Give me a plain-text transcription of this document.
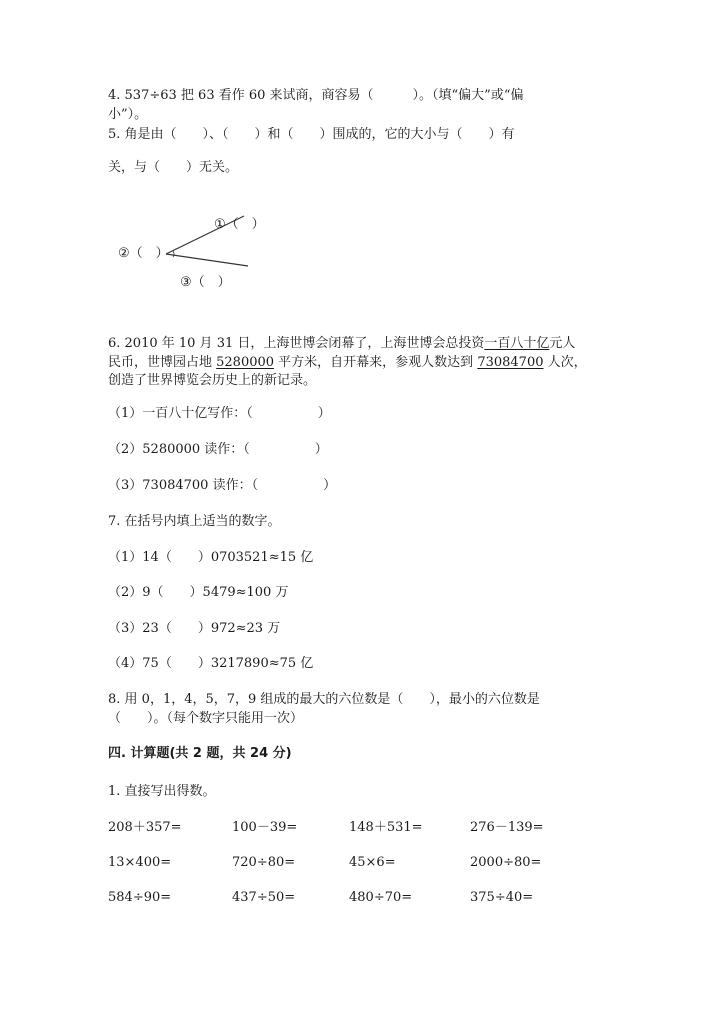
4. 537÷63 把 63 看作 60 来试商，商容易（　　　）。（填“偏大”或“偏
小”）。
5. 角是由（　　）、（　　）和（　　）围成的，它的大小与（　　）有
关，与（　　）无关。
①（　）
②（　）
③（　）
6. 2010 年 10 月 31 日，上海世博会闭幕了，上海世博会总投资一百八十亿元人
民币，世博园占地 5280000 平方米，自开幕来，参观人数达到 73084700 人次，
创造了世界博览会历史上的新记录。
（1）一百八十亿写作：（　　　　　）
（2）5280000 读作：（　　　　　）
（3）73084700 读作：（　　　　　）
7. 在括号内填上适当的数字。
（1）14（　　）0703521≈15 亿
（2）9（　　）5479≈100 万
（3）23（　　）972≈23 万
（4）75（　　）3217890≈75 亿
8. 用 0，1，4，5，7，9 组成的最大的六位数是（　　），最小的六位数是
（　　）。（每个数字只能用一次）
四. 计算题(共 2 题，共 24 分)
1. 直接写出得数。
208＋357=	100－39=	148＋531=	276－139=
13×400=	720÷80=	45×6=	2000÷80=
584÷90=	437÷50=	480÷70=	375÷40=
